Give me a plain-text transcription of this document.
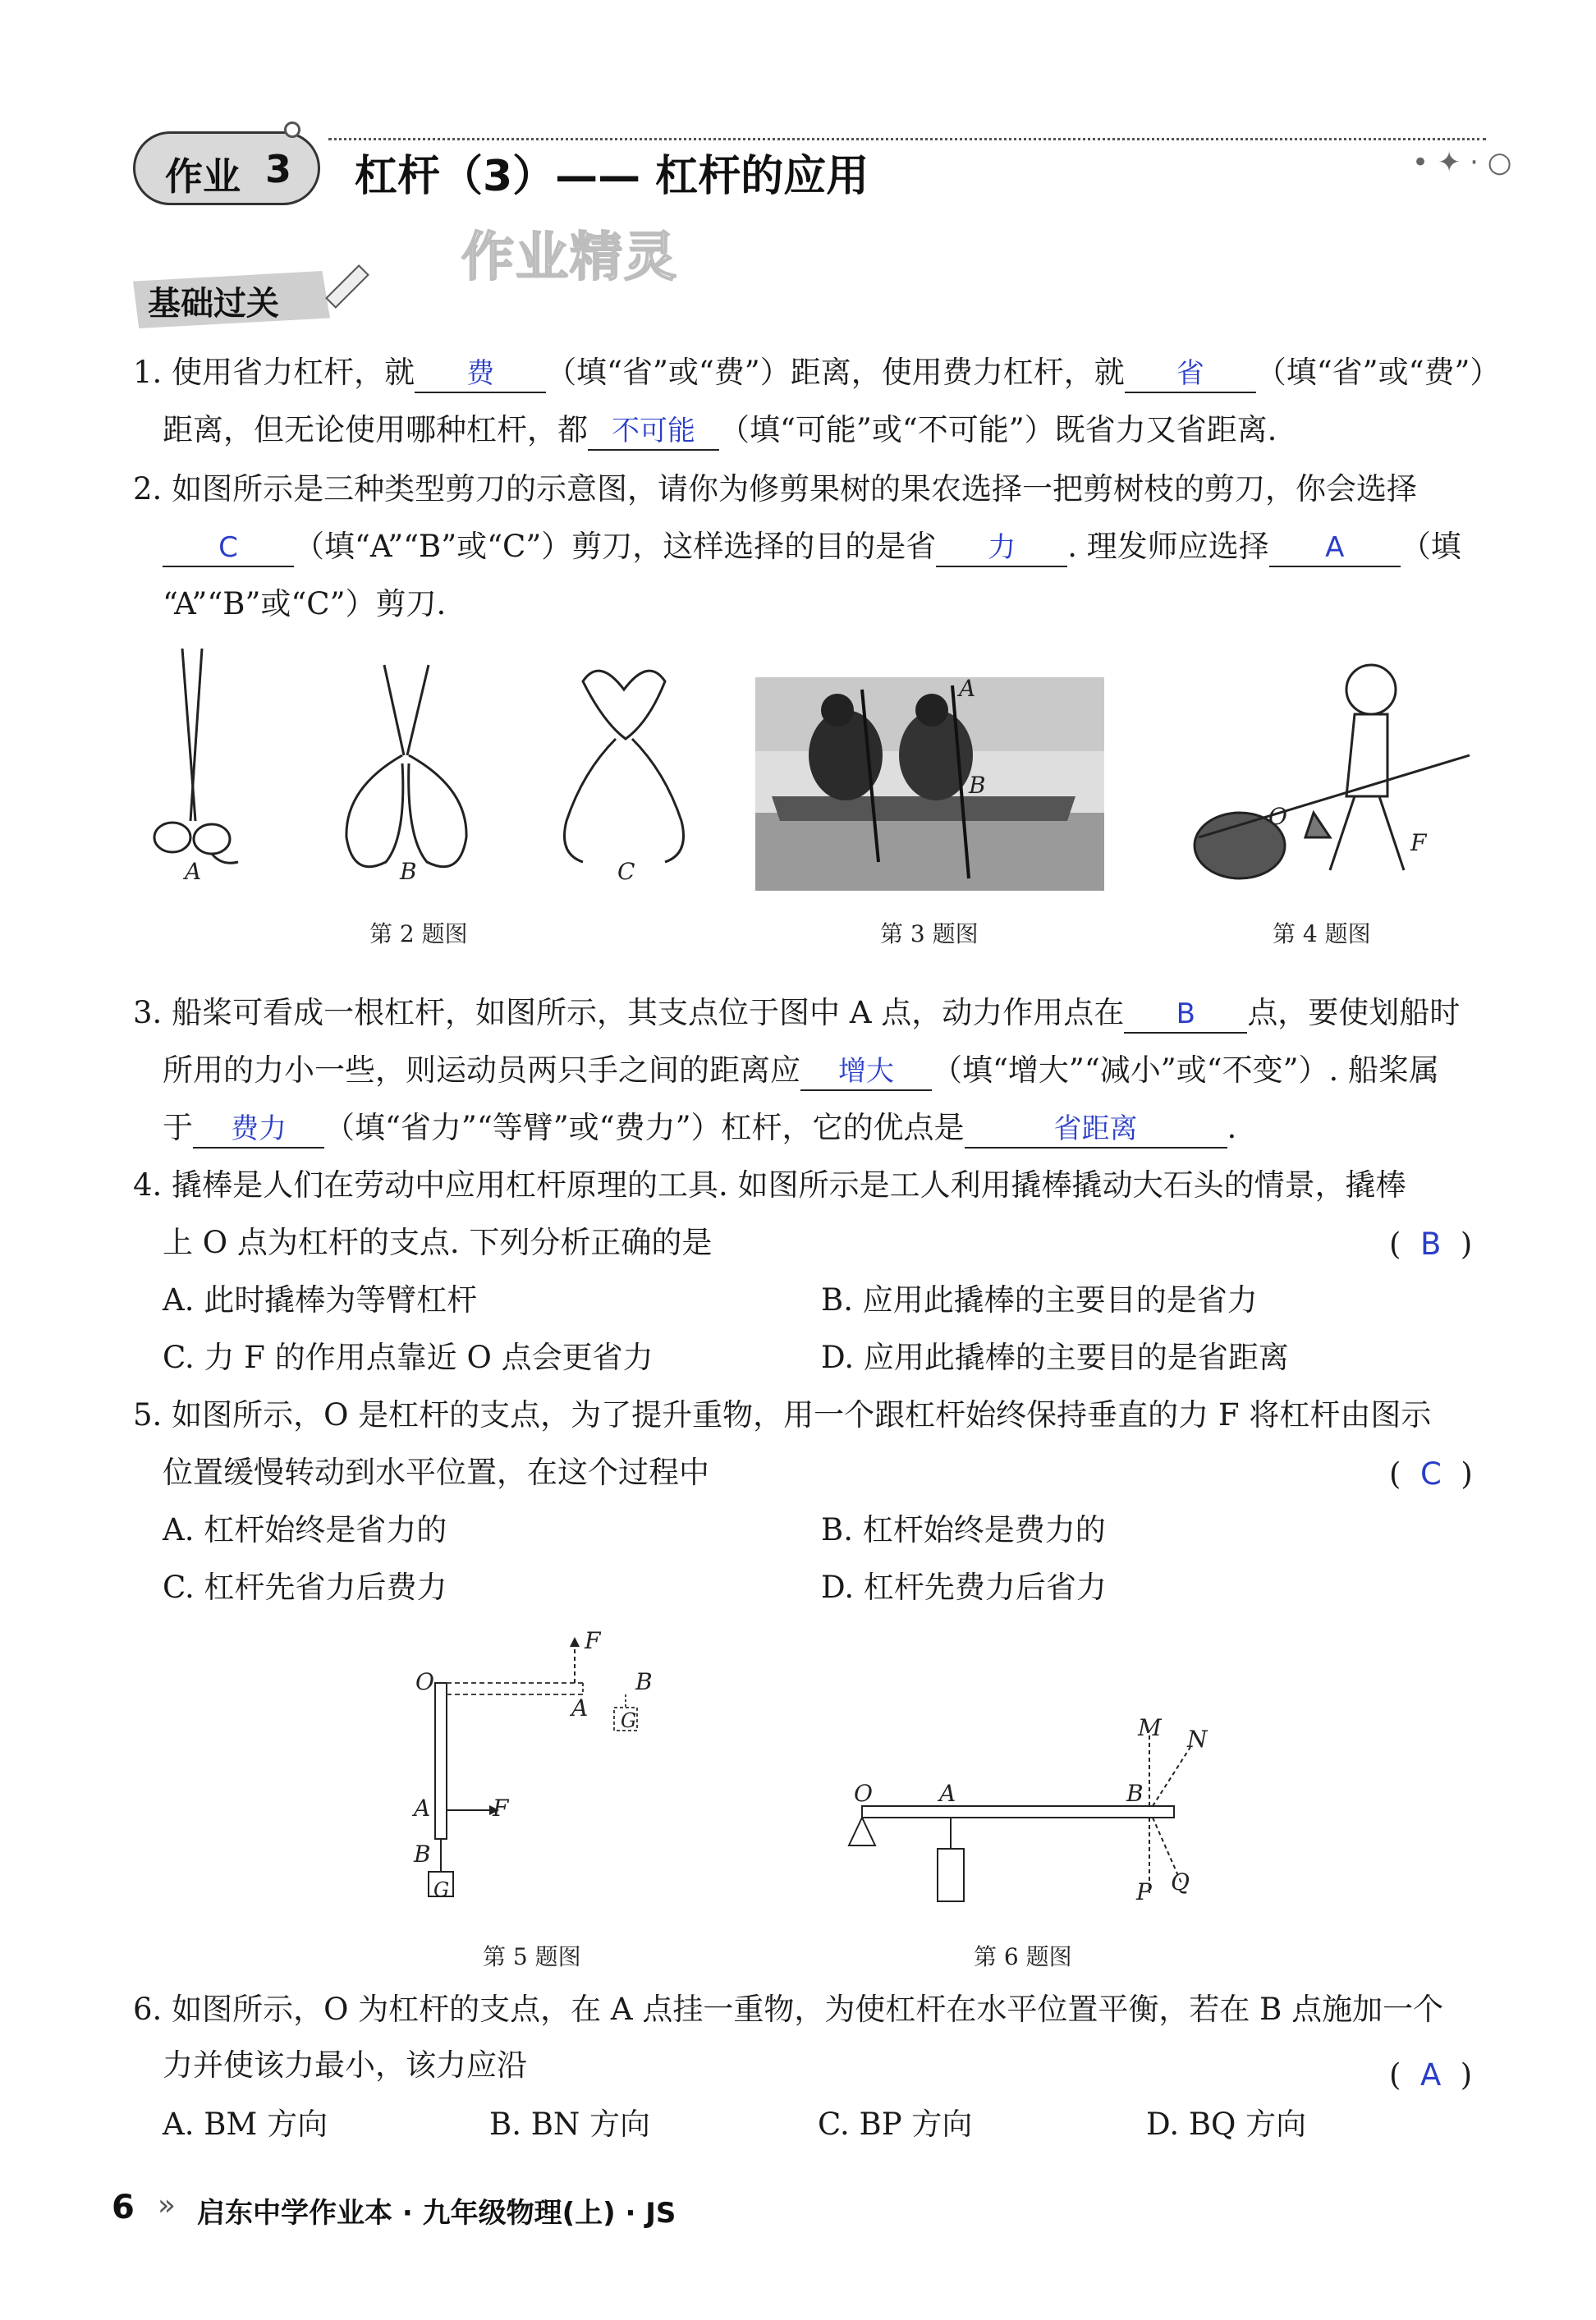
作业 3	• ✦ · ○
杠杆（3）—— 杠杆的应用
作业精灵
基础过关
1. 使用省力杠杆，就 费 （填“省”或“费”）距离，使用费力杠杆，就 省 （填“省”或“费”）
距离，但无论使用哪种杠杆，都 不可能 （填“可能”或“不可能”）既省力又省距离.
2. 如图所示是三种类型剪刀的示意图，请你为修剪果树的果农选择一把剪树枝的剪刀，你会选择
C （填“A”“B”或“C”）剪刀，这样选择的目的是省 力 . 理发师应选择 A （填
“A”“B”或“C”）剪刀.
A	B	C
A
B
O
F
第 2 题图	第 3 题图	第 4 题图
3. 船桨可看成一根杠杆，如图所示，其支点位于图中 A 点，动力作用点在 B 点，要使划船时
所用的力小一些，则运动员两只手之间的距离应 增大 （填“增大”“减小”或“不变”）. 船桨属
于 费力 （填“省力”“等臂”或“费力”）杠杆，它的优点是	省距离	.
4. 撬棒是人们在劳动中应用杠杆原理的工具. 如图所示是工人利用撬棒撬动大石头的情景，撬棒
上 O 点为杠杆的支点. 下列分析正确的是	(  B  )
A. 此时撬棒为等臂杠杆	B. 应用此撬棒的主要目的是省力
C. 力 F 的作用点靠近 O 点会更省力	D. 应用此撬棒的主要目的是省距离
5. 如图所示，O 是杠杆的支点，为了提升重物，用一个跟杠杆始终保持垂直的力 F 将杠杆由图示
位置缓慢转动到水平位置，在这个过程中	(  C  )
A. 杠杆始终是省力的	B. 杠杆始终是费力的
C. 杠杆先省力后费力	D. 杠杆先费力后省力
O	B
A
F
G
A	F
B
G
第 5 题图
O	A	B
M N
P Q
第 6 题图
6. 如图所示，O 为杠杆的支点，在 A 点挂一重物，为使杠杆在水平位置平衡，若在 B 点施加一个
力并使该力最小，该力应沿	(  A  )
A. BM 方向	B. BN 方向	C. BP 方向	D. BQ 方向
6 » 启东中学作业本 · 九年级物理(上) · JS
